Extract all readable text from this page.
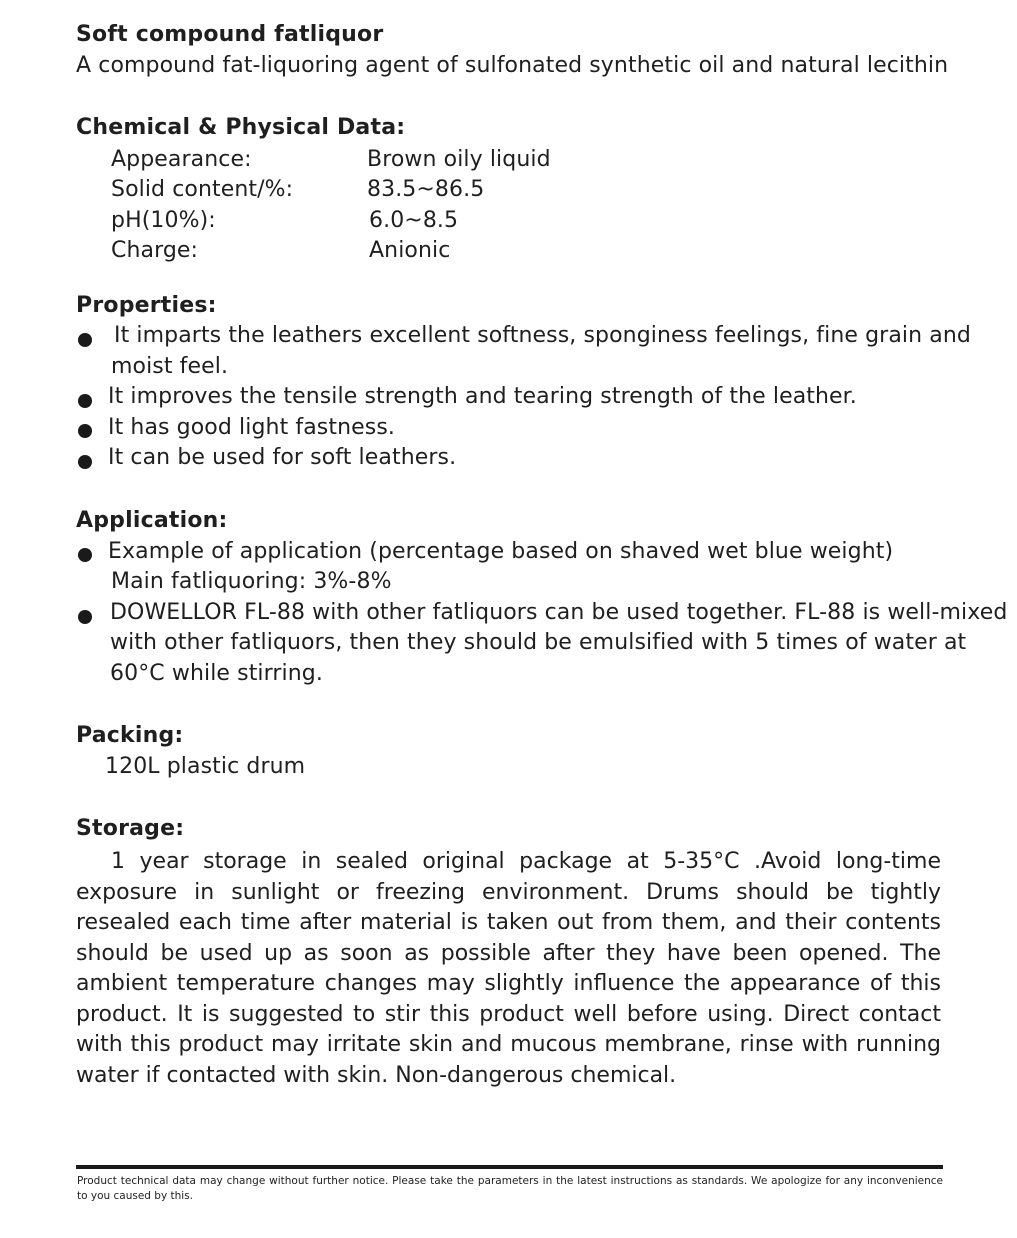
Soft compound fatliquor
A compound fat-liquoring agent of sulfonated synthetic oil and natural lecithin
Chemical & Physical Data:
Appearance:	Brown oily liquid
Solid content/%:	83.5~86.5
pH(10%):	6.0~8.5
Charge:	Anionic
Properties:
It imparts the leathers excellent softness, sponginess feelings, fine grain and
moist feel.
It improves the tensile strength and tearing strength of the leather.
It has good light fastness.
It can be used for soft leathers.
Application:
Example of application (percentage based on shaved wet blue weight)
Main fatliquoring: 3%-8%
DOWELLOR FL-88 with other fatliquors can be used together. FL-88 is well-mixed
with other fatliquors, then they should be emulsified with 5 times of water at
60°C while stirring.
Packing:
120L plastic drum
Storage:
1 year storage in sealed original package at 5-35°C .Avoid long-time exposure in sunlight or freezing environment. Drums should be tightly resealed each time after material is taken out from them, and their contents should be used up as soon as possible after they have been opened. The ambient temperature changes may slightly influence the appearance of this product. It is suggested to stir this product well before using. Direct contact with this product may irritate skin and mucous membrane, rinse with running water if contacted with skin. Non-dangerous chemical.
Product technical data may change without further notice. Please take the parameters in the latest instructions as standards. We apologize for any inconvenience to you caused by this.
